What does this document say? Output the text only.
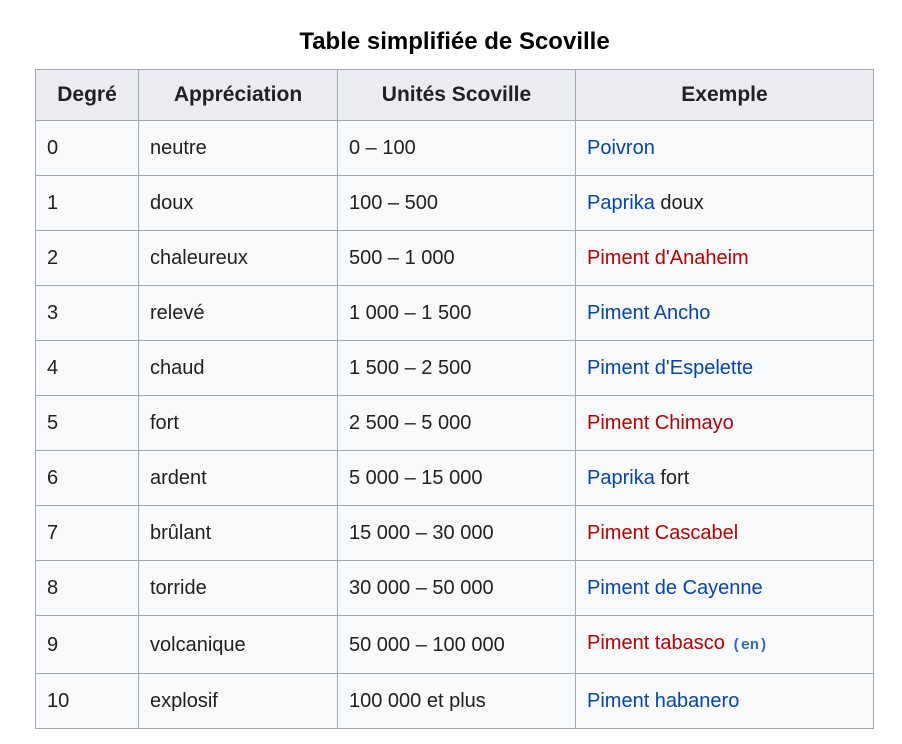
Table simplifiée de Scoville
Degré	Appréciation	Unités Scoville	Exemple
0	neutre	0 – 100	Poivron
1	doux	100 – 500	Paprika doux
2	chaleureux	500 – 1 000	Piment d'Anaheim
3	relevé	1 000 – 1 500	Piment Ancho
4	chaud	1 500 – 2 500	Piment d'Espelette
5	fort	2 500 – 5 000	Piment Chimayo
6	ardent	5 000 – 15 000	Paprika fort
7	brûlant	15 000 – 30 000	Piment Cascabel
8	torride	30 000 – 50 000	Piment de Cayenne
9	volcanique	50 000 – 100 000	Piment tabasco (en)
10	explosif	100 000 et plus	Piment habanero
